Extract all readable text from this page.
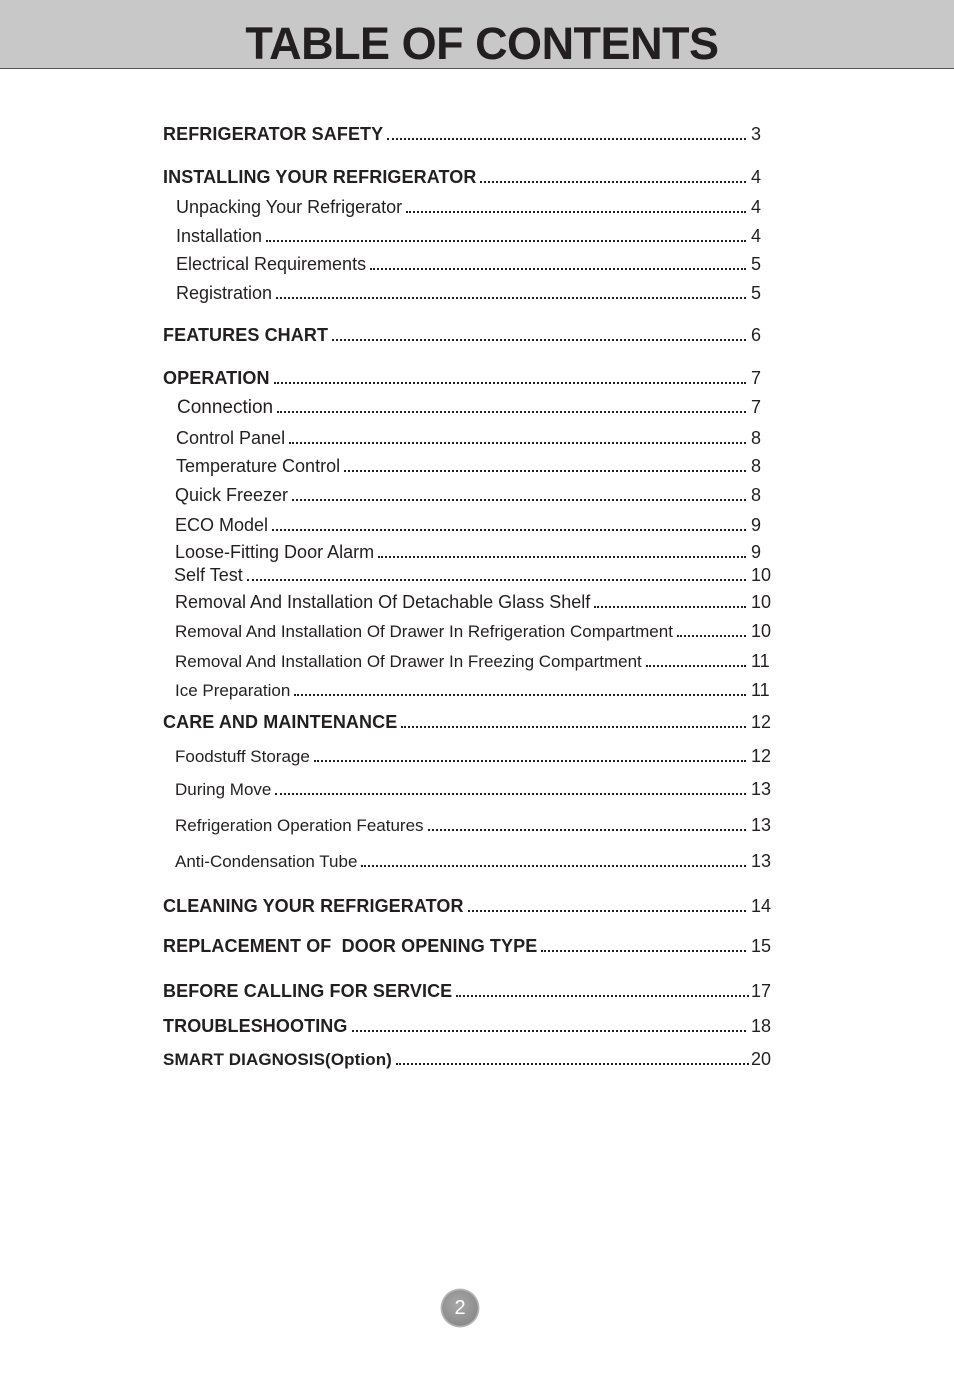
TABLE OF CONTENTS
REFRIGERATOR SAFETY	3
INSTALLING YOUR REFRIGERATOR	4
Unpacking Your Refrigerator	4
Installation	4
Electrical Requirements	5
Registration	5
FEATURES CHART	6
OPERATION	7
Connection	7
Control Panel	8
Temperature Control	8
Quick Freezer	8
ECO Model	9
Loose-Fitting Door Alarm	9
Self Test	10
Removal And Installation Of Detachable Glass Shelf	10
Removal And Installation Of Drawer In Refrigeration Compartment	10
Removal And Installation Of Drawer In Freezing Compartment	11
Ice Preparation	11
CARE AND MAINTENANCE	12
Foodstuff Storage	12
During Move	13
Refrigeration Operation Features	13
Anti-Condensation Tube	13
CLEANING YOUR REFRIGERATOR	14
REPLACEMENT OF  DOOR OPENING TYPE	15
BEFORE CALLING FOR SERVICE	17
TROUBLESHOOTING	18
SMART DIAGNOSIS(Option)	20
2
